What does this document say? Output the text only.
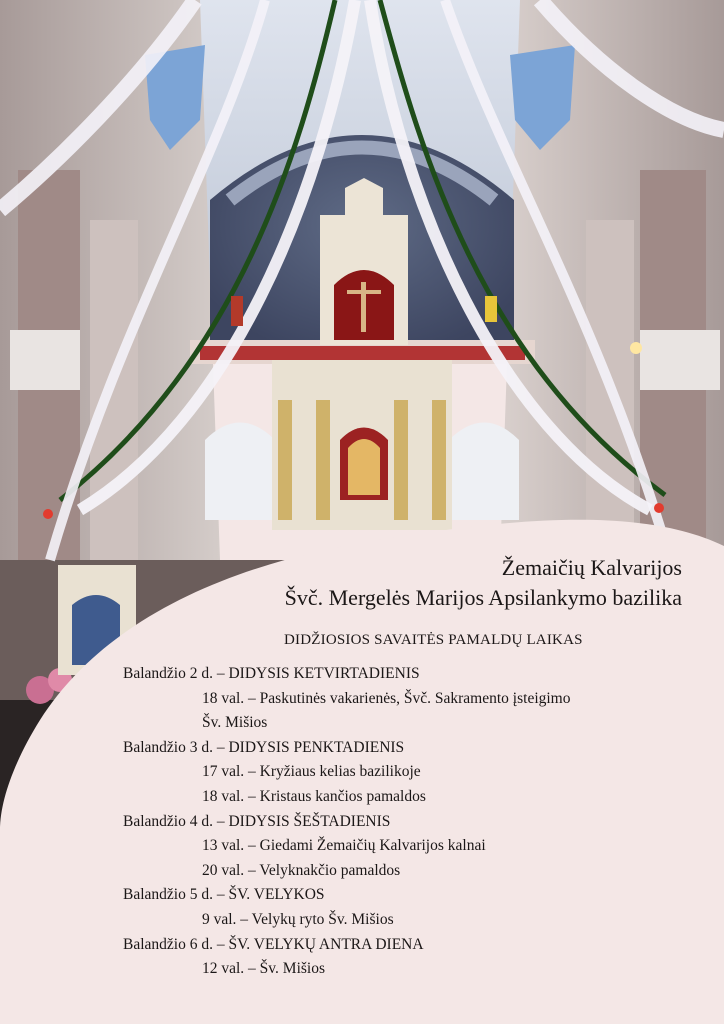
Žemaičių Kalvarijos
Švč. Mergelės Marijos Apsilankymo bazilika
DIDŽIOSIOS SAVAITĖS PAMALDŲ LAIKAS
Balandžio 2 d. – DIDYSIS KETVIRTADIENIS
18 val. – Paskutinės vakarienės, Švč. Sakramento įsteigimo
Šv. Mišios
Balandžio 3 d. – DIDYSIS PENKTADIENIS
17 val. – Kryžiaus kelias bazilikoje
18 val. – Kristaus kančios pamaldos
Balandžio 4 d. – DIDYSIS ŠEŠTADIENIS
13 val. – Giedami Žemaičių Kalvarijos kalnai
20 val. – Velyknakčio pamaldos
Balandžio 5 d. – ŠV. VELYKOS
9 val. – Velykų ryto Šv. Mišios
Balandžio 6 d. – ŠV. VELYKŲ ANTRA DIENA
12 val. – Šv. Mišios
